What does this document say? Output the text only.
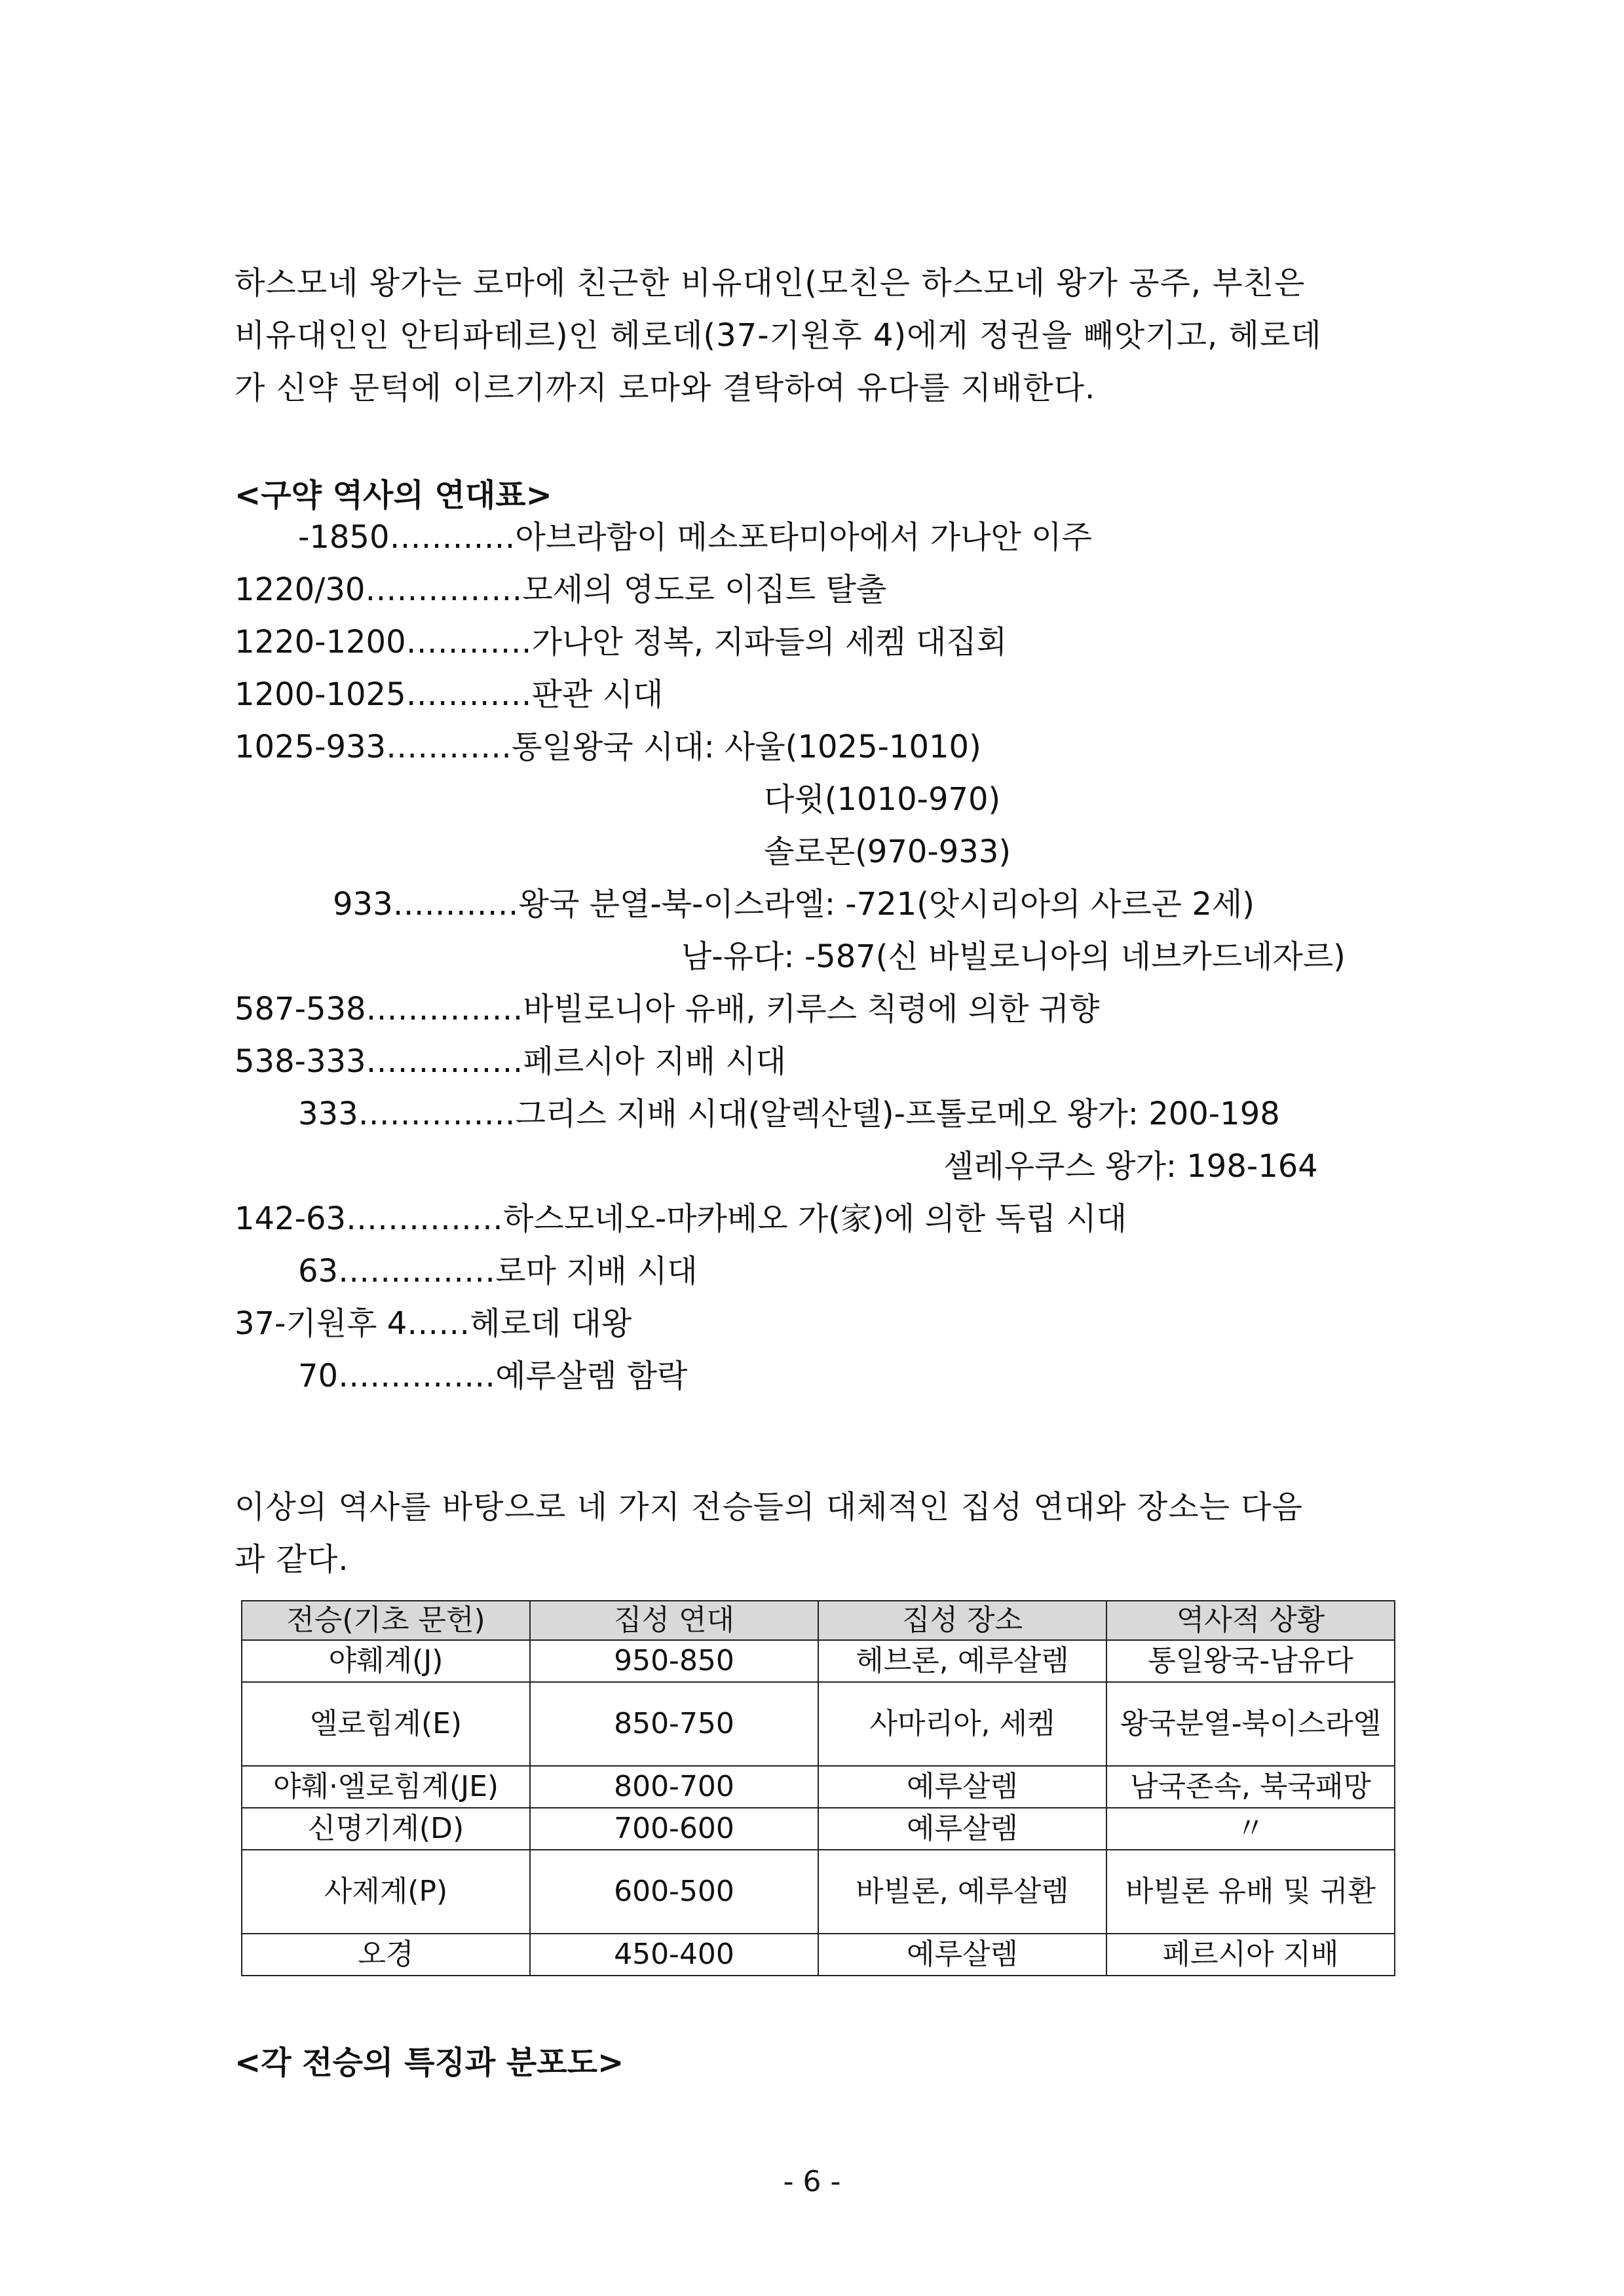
하스모네 왕가는 로마에 친근한 비유대인(모친은 하스모네 왕가 공주, 부친은
비유대인인 안티파테르)인 헤로데(37-기원후 4)에게 정권을 빼앗기고, 헤로데
가 신약 문턱에 이르기까지 로마와 결탁하여 유다를 지배한다.

<구약 역사의 연대표>
-1850…………아브라함이 메소포타미아에서 가나안 이주
1220/30……………모세의 영도로 이집트 탈출
1220-1200…………가나안 정복, 지파들의 세켐 대집회
1200-1025…………판관 시대
1025-933…………통일왕국 시대: 사울(1025-1010)
다윗(1010-970)
솔로몬(970-933)
933…………왕국 분열-북-이스라엘: -721(앗시리아의 사르곤 2세)
남-유다: -587(신 바빌로니아의 네브카드네자르)
587-538……………바빌로니아 유배, 키루스 칙령에 의한 귀향
538-333……………페르시아 지배 시대
333……………그리스 지배 시대(알렉산델)-프톨로메오 왕가: 200-198
셀레우쿠스 왕가: 198-164
142-63……………하스모네오-마카베오 가(家)에 의한 독립 시대
63……………로마 지배 시대
37-기원후 4……헤로데 대왕
70……………예루살렘 함락

이상의 역사를 바탕으로 네 가지 전승들의 대체적인 집성 연대와 장소는 다음
과 같다.

전승(기초 문헌)	집성 연대	집성 장소	역사적 상황
야훼계(J)	950-850	헤브론, 예루살렘	통일왕국-남유다
엘로힘계(E)	850-750	사마리아, 세켐	왕국분열-북이스라엘
야훼·엘로힘계(JE)	800-700	예루살렘	남국존속, 북국패망
신명기계(D)	700-600	예루살렘	〃
사제계(P)	600-500	바빌론, 예루살렘	바빌론 유배 및 귀환
오경	450-400	예루살렘	페르시아 지배
<각 전승의 특징과 분포도>
- 6 -
